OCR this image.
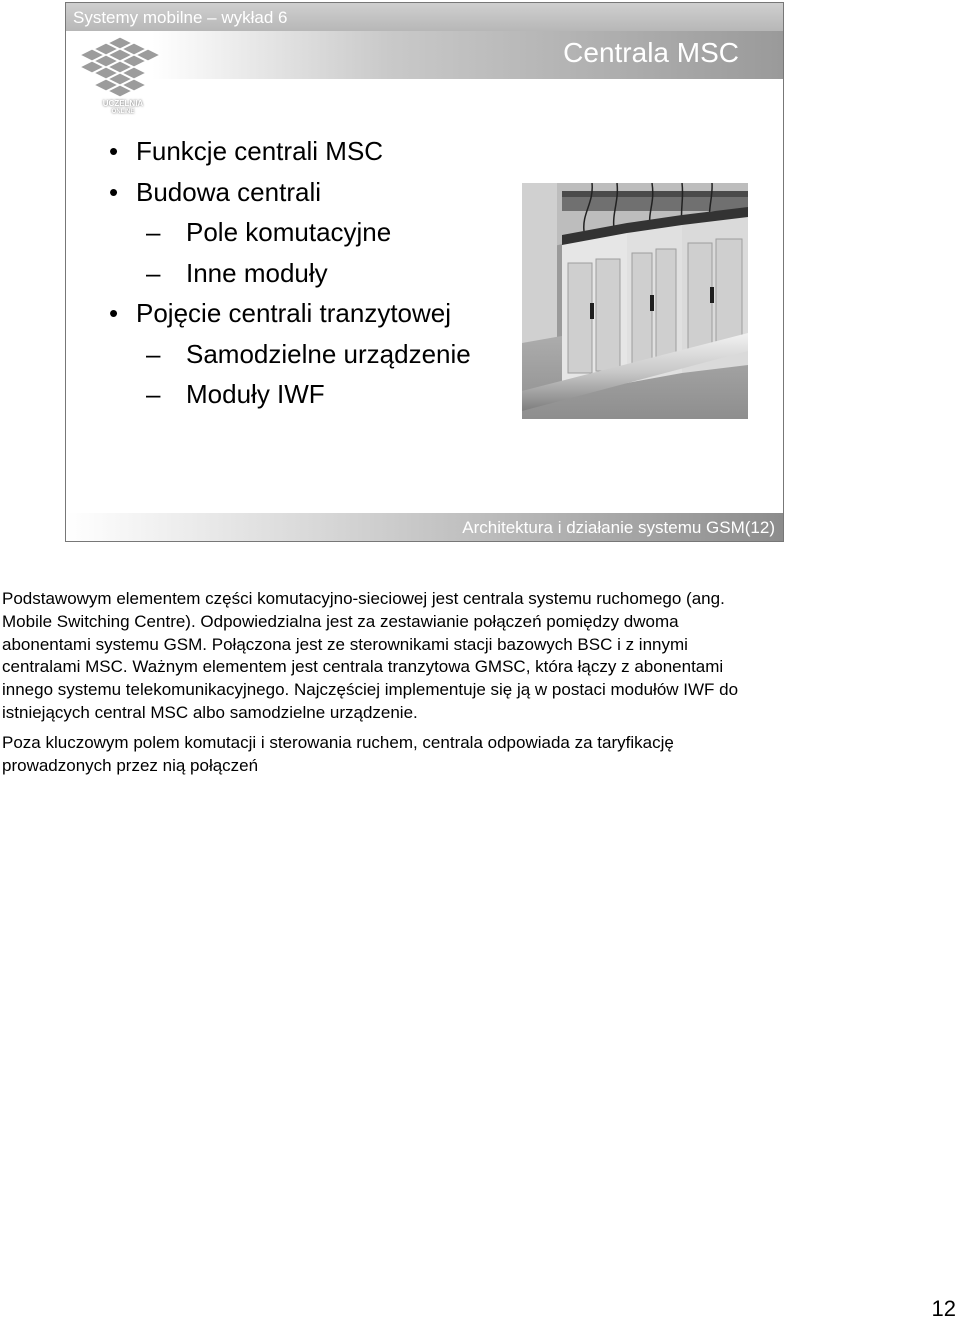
Systemy mobilne – wykład 6
Centrala MSC
UCZELNIA
ONLINE
• Funkcje centrali MSC
• Budowa centrali
– Pole komutacyjne
– Inne moduły
• Pojęcie centrali tranzytowej
– Samodzielne urządzenie
– Moduły IWF
Architektura i działanie systemu GSM(12)

Podstawowym elementem części komutacyjno-sieciowej jest centrala systemu ruchomego (ang.
Mobile Switching Centre). Odpowiedzialna jest za zestawianie połączeń pomiędzy dwoma
abonentami systemu GSM. Połączona jest ze sterownikami stacji bazowych BSC i z innymi
centralami MSC. Ważnym elementem jest centrala tranzytowa GMSC, która łączy z abonentami
innego systemu telekomunikacyjnego. Najczęściej implementuje się ją w postaci modułów IWF do
istniejących central MSC albo samodzielne urządzenie.

Poza kluczowym polem komutacji i sterowania ruchem, centrala odpowiada za taryfikację
prowadzonych przez nią połączeń

12
